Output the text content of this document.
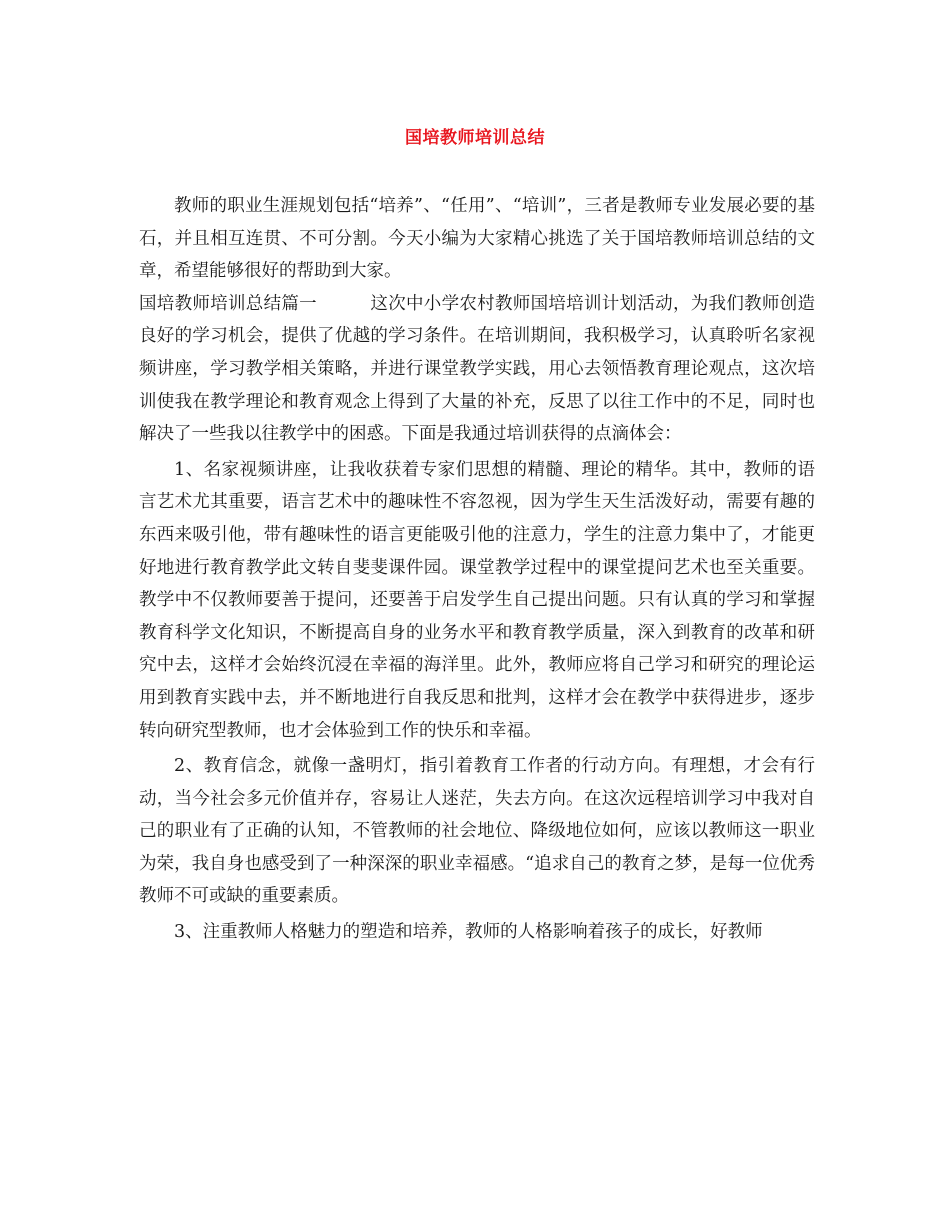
国培教师培训总结

教师的职业生涯规划包括“培养”、“任用”、“培训”，三者是教师专业发展必要的基石，并且相互连贯、不可分割。今天小编为大家精心挑选了关于国培教师培训总结的文章，希望能够很好的帮助到大家。

国培教师培训总结篇一　　　	这次中小学农村教师国培培训计划活动，为我们教师创造良好的学习机会，提供了优越的学习条件。在培训期间，我积极学习，认真聆听名家视频讲座，学习教学相关策略，并进行课堂教学实践，用心去领悟教育理论观点，这次培训使我在教学理论和教育观念上得到了大量的补充，反思了以往工作中的不足，同时也解决了一些我以往教学中的困惑。下面是我通过培训获得的点滴体会：

1、名家视频讲座，让我收获着专家们思想的精髓、理论的精华。其中，教师的语言艺术尤其重要，语言艺术中的趣味性不容忽视，因为学生天生活泼好动，需要有趣的东西来吸引他，带有趣味性的语言更能吸引他的注意力，学生的注意力集中了，才能更好地进行教育教学此文转自斐斐课件园。课堂教学过程中的课堂提问艺术也至关重要。教学中不仅教师要善于提问，还要善于启发学生自己提出问题。只有认真的学习和掌握教育科学文化知识，不断提高自身的业务水平和教育教学质量，深入到教育的改革和研究中去，这样才会始终沉浸在幸福的海洋里。此外，教师应将自己学习和研究的理论运用到教育实践中去，并不断地进行自我反思和批判，这样才会在教学中获得进步，逐步转向研究型教师，也才会体验到工作的快乐和幸福。

2、教育信念，就像一盏明灯，指引着教育工作者的行动方向。有理想，才会有行动，当今社会多元价值并存，容易让人迷茫，失去方向。在这次远程培训学习中我对自己的职业有了正确的认知，不管教师的社会地位、降级地位如何，应该以教师这一职业为荣，我自身也感受到了一种深深的职业幸福感。“追求自己的教育之梦，是每一位优秀教师不可或缺的重要素质。

3、注重教师人格魅力的塑造和培养，教师的人格影响着孩子的成长，好教师
